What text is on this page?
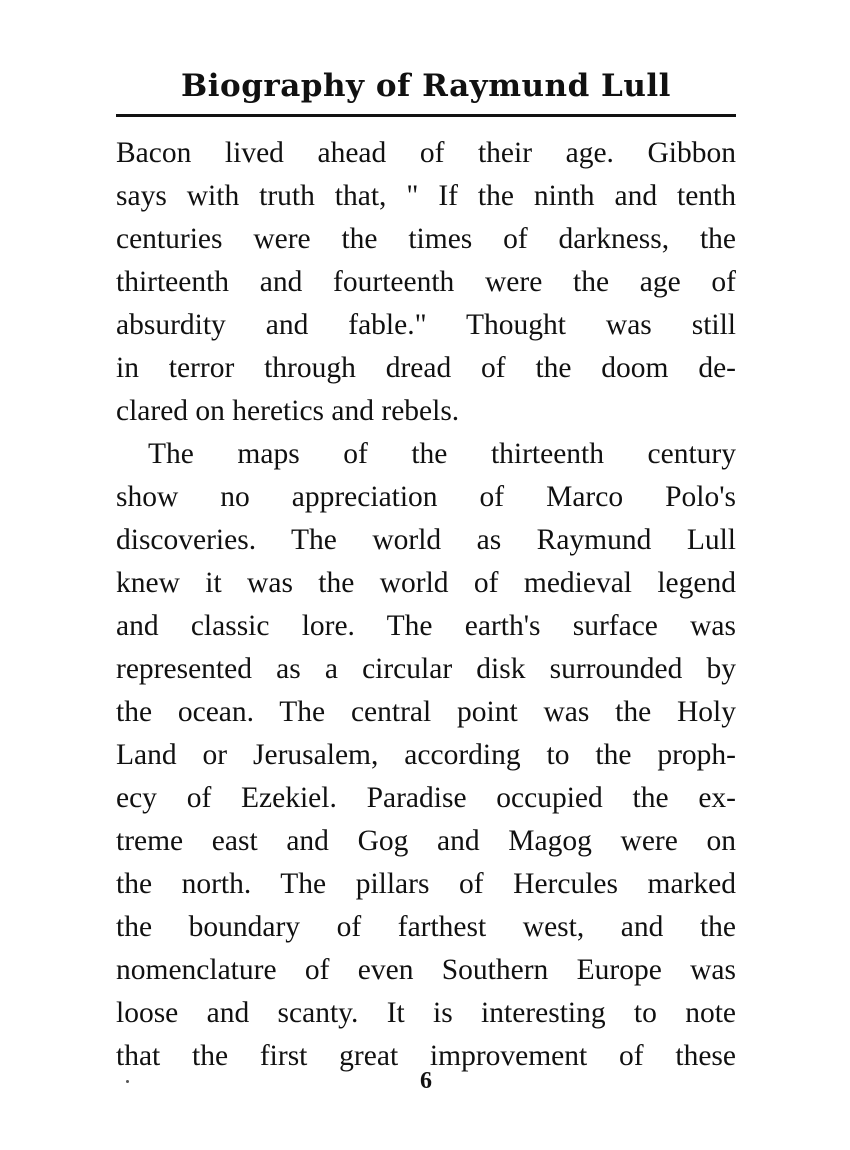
Biography of Raymund Lull
Bacon lived ahead of their age. Gibbon
says with truth that, " If the ninth and tenth
centuries were the times of darkness, the
thirteenth and fourteenth were the age of
absurdity and fable." Thought was still
in terror through dread of the doom de-
clared on heretics and rebels.
The maps of the thirteenth century
show no appreciation of Marco Polo's
discoveries. The world as Raymund Lull
knew it was the world of medieval legend
and classic lore. The earth's surface was
represented as a circular disk surrounded by
the ocean. The central point was the Holy
Land or Jerusalem, according to the proph-
ecy of Ezekiel. Paradise occupied the ex-
treme east and Gog and Magog were on
the north. The pillars of Hercules marked
the boundary of farthest west, and the
nomenclature of even Southern Europe was
loose and scanty. It is interesting to note
that the first great improvement of these
6
